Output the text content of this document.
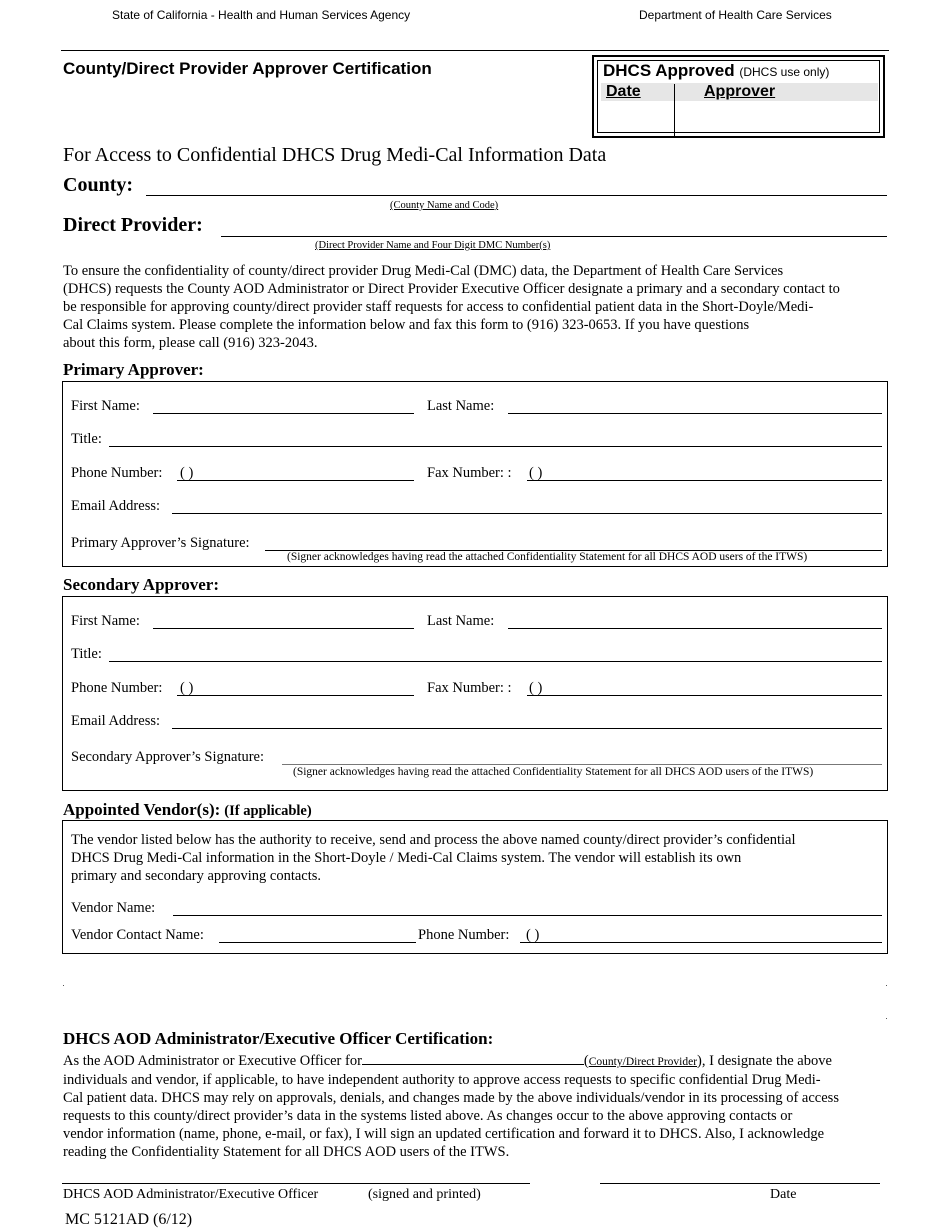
State of California - Health and Human Services Agency	Department of Health Care Services
County/Direct Provider Approver Certification	DHCS Approved (DHCS use only)
Date	Approver
For Access to Confidential DHCS Drug Medi-Cal Information Data
County:
(County Name and Code)
Direct Provider:
(Direct Provider Name and Four Digit DMC Number(s)
To ensure the confidentiality of county/direct provider Drug Medi-Cal (DMC) data, the Department of Health Care Services
(DHCS) requests the County AOD Administrator or Direct Provider Executive Officer designate a primary and a secondary contact to
be responsible for approving county/direct provider staff requests for access to confidential patient data in the Short-Doyle/Medi-
Cal Claims system. Please complete the information below and fax this form to (916) 323-0653. If you have questions
about this form, please call (916) 323-2043.
Primary Approver:
First Name:	Last Name:
Title:
Phone Number: ( )	Fax Number: : ( )
Email Address:
Primary Approver’s Signature:
(Signer acknowledges having read the attached Confidentiality Statement for all DHCS AOD users of the ITWS)
Secondary Approver:
First Name:	Last Name:
Title:
Phone Number: ( )	Fax Number: : ( )
Email Address:
Secondary Approver’s Signature:
(Signer acknowledges having read the attached Confidentiality Statement for all DHCS AOD users of the ITWS)
Appointed Vendor(s): (If applicable)
The vendor listed below has the authority to receive, send and process the above named county/direct provider’s confidential
DHCS Drug Medi-Cal information in the Short-Doyle / Medi-Cal Claims system. The vendor will establish its own
primary and secondary approving contacts.
Vendor Name:
Vendor Contact Name:	Phone Number: ( )
DHCS AOD Administrator/Executive Officer Certification:
As the AOD Administrator or Executive Officer for	(County/Direct Provider), I designate the above
individuals and vendor, if applicable, to have independent authority to approve access requests to specific confidential Drug Medi-
Cal patient data. DHCS may rely on approvals, denials, and changes made by the above individuals/vendor in its processing of access
requests to this county/direct provider’s data in the systems listed above. As changes occur to the above approving contacts or
vendor information (name, phone, e-mail, or fax), I will sign an updated certification and forward it to DHCS. Also, I acknowledge
reading the Confidentiality Statement for all DHCS AOD users of the ITWS.
DHCS AOD Administrator/Executive Officer	(signed and printed)	Date
MC 5121AD (6/12)
